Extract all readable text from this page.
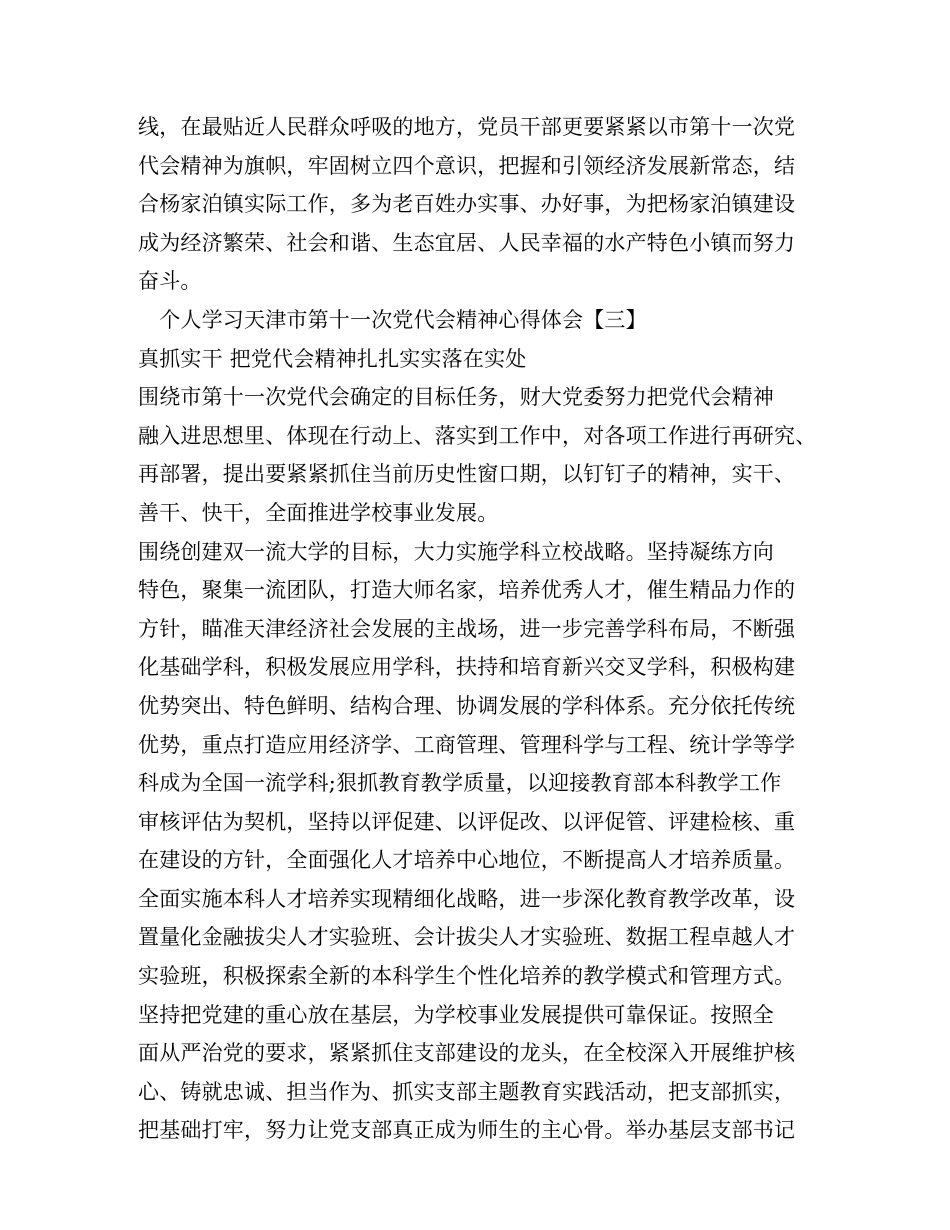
线，在最贴近人民群众呼吸的地方，党员干部更要紧紧以市第十一次党
代会精神为旗帜，牢固树立四个意识，把握和引领经济发展新常态，结
合杨家泊镇实际工作，多为老百姓办实事、办好事，为把杨家泊镇建设
成为经济繁荣、社会和谐、生态宜居、人民幸福的水产特色小镇而努力
奋斗。
　个人学习天津市第十一次党代会精神心得体会【三】
真抓实干 把党代会精神扎扎实实落在实处
围绕市第十一次党代会确定的目标任务，财大党委努力把党代会精神
融入进思想里、体现在行动上、落实到工作中，对各项工作进行再研究、
再部署，提出要紧紧抓住当前历史性窗口期，以钉钉子的精神，实干、
善干、快干，全面推进学校事业发展。
围绕创建双一流大学的目标，大力实施学科立校战略。坚持凝练方向
特色，聚集一流团队，打造大师名家，培养优秀人才，催生精品力作的
方针，瞄准天津经济社会发展的主战场，进一步完善学科布局，不断强
化基础学科，积极发展应用学科，扶持和培育新兴交叉学科，积极构建
优势突出、特色鲜明、结构合理、协调发展的学科体系。充分依托传统
优势，重点打造应用经济学、工商管理、管理科学与工程、统计学等学
科成为全国一流学科;狠抓教育教学质量，以迎接教育部本科教学工作
审核评估为契机，坚持以评促建、以评促改、以评促管、评建检核、重
在建设的方针，全面强化人才培养中心地位，不断提高人才培养质量。
全面实施本科人才培养实现精细化战略，进一步深化教育教学改革，设
置量化金融拔尖人才实验班、会计拔尖人才实验班、数据工程卓越人才
实验班，积极探索全新的本科学生个性化培养的教学模式和管理方式。
坚持把党建的重心放在基层，为学校事业发展提供可靠保证。按照全
面从严治党的要求，紧紧抓住支部建设的龙头，在全校深入开展维护核
心、铸就忠诚、担当作为、抓实支部主题教育实践活动，把支部抓实，
把基础打牢，努力让党支部真正成为师生的主心骨。举办基层支部书记
